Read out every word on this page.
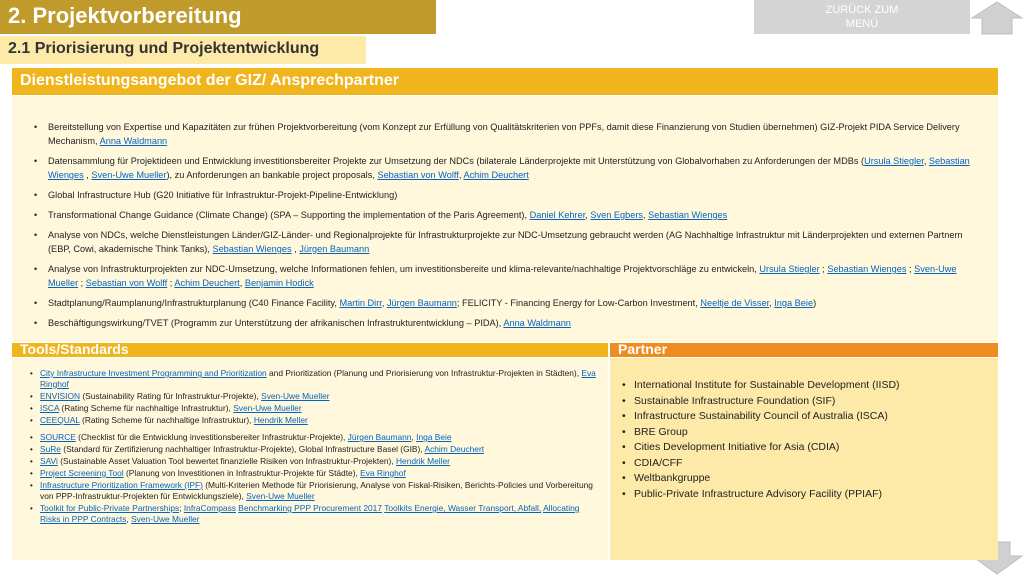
2. Projektvorbereitung
2.1 Priorisierung und Projektentwicklung
ZURÜCK ZUM
MENÜ
Dienstleistungsangebot der GIZ/ Ansprechpartner
• Bereitstellung von Expertise und Kapazitäten zur frühen Projektvorbereitung (vom Konzept zur Erfüllung von Qualitätskriterien von PPFs, damit diese Finanzierung von Studien übernehmen) GIZ-Projekt PIDA Service Delivery Mechanism, Anna Waldmann
• Datensammlung für Projektideen und Entwicklung investitionsbereiter Projekte zur Umsetzung der NDCs (bilaterale Länderprojekte mit Unterstützung von Globalvorhaben zu Anforderungen der MDBs (Ursula Stiegler, Sebastian Wienges , Sven-Uwe Mueller), zu Anforderungen an bankable project proposals, Sebastian von Wolff, Achim Deuchert
• Global Infrastructure Hub (G20 Initiative für Infrastruktur-Projekt-Pipeline-Entwicklung)
• Transformational Change Guidance (Climate Change) (SPA – Supporting the implementation of the Paris Agreement), Daniel Kehrer, Sven Egbers, Sebastian Wienges
• Analyse von NDCs, welche Dienstleistungen Länder/GIZ-Länder- und Regionalprojekte für Infrastrukturprojekte zur NDC-Umsetzung gebraucht werden (AG Nachhaltige Infrastruktur mit Länderprojekten und externen Partnern (EBP, Cowi, akademische Think Tanks), Sebastian Wienges , Jürgen Baumann
• Analyse von Infrastrukturprojekten zur NDC-Umsetzung, welche Informationen fehlen, um investitionsbereite und klima-relevante/nachhaltige Projektvorschläge zu entwickeln, Ursula Stiegler ; Sebastian Wienges ; Sven-Uwe Mueller ; Sebastian von Wolff ; Achim Deuchert, Benjamin Hodick
• Stadtplanung/Raumplanung/Infrastrukturplanung (C40 Finance Facility, Martin Dirr, Jürgen Baumann; FELICITY - Financing Energy for Low-Carbon Investment, Neeltje de Visser, Inga Beie)
• Beschäftigungswirkung/TVET (Programm zur Unterstützung der afrikanischen Infrastrukturentwicklung – PIDA), Anna Waldmann
Tools/Standards	Partner
• City Infrastructure Investment Programming and Prioritization and Prioritization (Planung und Priorisierung von Infrastruktur-Projekten in Städten), Eva Ringhof
• ENVISION (Sustainability Rating für Infrastruktur-Projekte), Sven-Uwe Mueller
• ISCA (Rating Scheme für nachhaltige Infrastruktur), Sven-Uwe Mueller
• CEEQUAL (Rating Scheme für nachhaltige Infrastruktur), Hendrik Meller
• SOURCE (Checklist für die Entwicklung investitionsbereiter Infrastruktur-Projekte), Jürgen Baumann, Inga Beie
• SuRe (Standard für Zertifizierung nachhaltiger Infrastruktur-Projekte), Global Infrastructure Basel (GIB), Achim Deuchert
• SAVi (Sustainable Asset Valuation Tool bewertet finanzielle Risiken von Infrastruktur-Projekten), Hendrik Meller
• Project Screening Tool (Planung von Investitionen in Infrastruktur-Projekte für Städte), Eva Ringhof
• Infrastructure Prioritization Framework (IPF) (Multi-Kriterien Methode für Priorisierung, Analyse von Fiskal-Risiken, Berichts-Policies und Vorbereitung von PPP-Infrastruktur-Projekten für Entwicklungsziele), Sven-Uwe Mueller
• Toolkit for Public-Private Partnerships; InfraCompass Benchmarking PPP Procurement 2017 Toolkits Energie, Wasser Transport, Abfall, Allocating Risks in PPP Contracts, Sven-Uwe Mueller
• International Institute for Sustainable Development (IISD)
• Sustainable Infrastructure Foundation (SIF)
• Infrastructure Sustainability Council of Australia (ISCA)
• BRE Group
• Cities Development Initiative for Asia (CDIA)
• CDIA/CFF
• Weltbankgruppe
• Public-Private Infrastructure Advisory Facility (PPIAF)
